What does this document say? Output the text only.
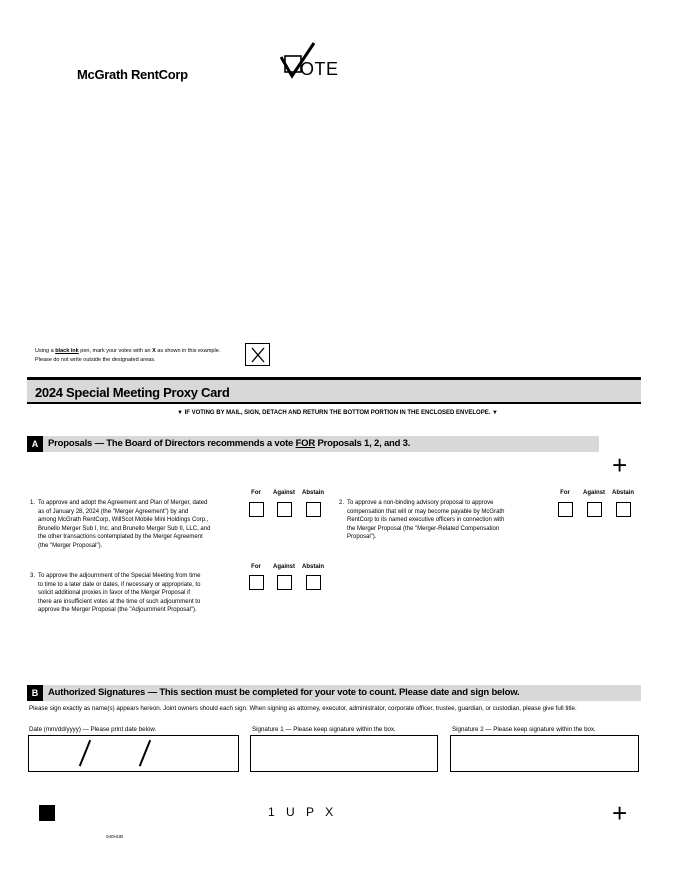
McGrath RentCorp	OTE
Using a black ink pen, mark your votes with an X as shown in this example.
Please do not write outside the designated areas.
2024 Special Meeting Proxy Card
▼ IF VOTING BY MAIL, SIGN, DETACH AND RETURN THE BOTTOM PORTION IN THE ENCLOSED ENVELOPE. ▼
A	Proposals — The Board of Directors recommends a vote FOR Proposals 1, 2, and 3.
+
1. To approve and adopt the Agreement and Plan of Merger, dated
as of January 28, 2024 (the "Merger Agreement") by and
among McGrath RentCorp, WillScot Mobile Mini Holdings Corp.,
Brunello Merger Sub I, Inc. and Brunello Merger Sub II, LLC, and
the other transactions contemplated by the Merger Agreement
(the "Merger Proposal").
For	Against	Abstain
2. To approve a non-binding advisory proposal to approve
compensation that will or may become payable by McGrath
RentCorp to its named executive officers in connection with
the Merger Proposal (the "Merger-Related Compensation
Proposal").
For	Against	Abstain
3. To approve the adjournment of the Special Meeting from time
to time to a later date or dates, if necessary or appropriate, to
solicit additional proxies in favor of the Merger Proposal if
there are insufficient votes at the time of such adjournment to
approve the Merger Proposal (the "Adjournment Proposal").
For	Against	Abstain
B	Authorized Signatures — This section must be completed for your vote to count. Please date and sign below.
Please sign exactly as name(s) appears hereon. Joint owners should each sign. When signing as attorney, executor, administrator, corporate officer, trustee, guardian, or custodian, please give full title.
Date (mm/dd/yyyy) — Please print date below.	Signature 1 — Please keep signature within the box.	Signature 2 — Please keep signature within the box.
1 U P X	+
040HUB
